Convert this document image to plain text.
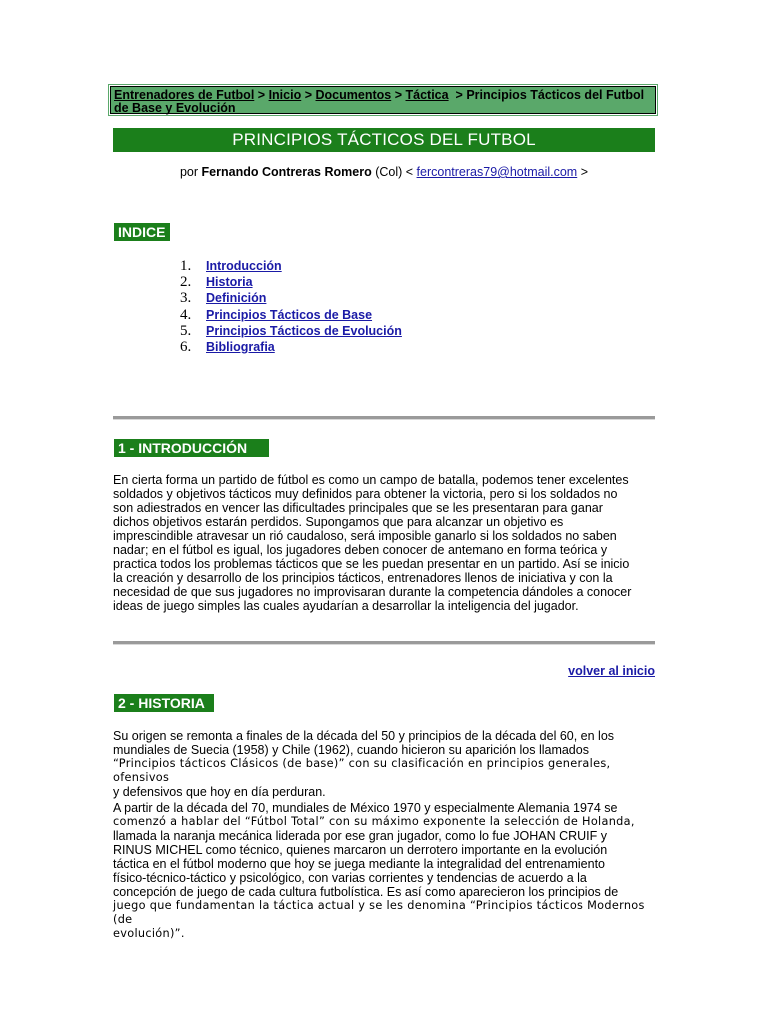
Entrenadores de Futbol > Inicio > Documentos > Táctica  > Principios Tácticos del Futbol de Base y Evolución
PRINCIPIOS TÁCTICOS DEL FUTBOL
por Fernando Contreras Romero (Col) < fercontreras79@hotmail.com >
INDICE
1. Introducción
2. Historia
3. Definición
4. Principios Tácticos de Base
5. Principios Tácticos de Evolución
6. Bibliografia
1 - INTRODUCCIÓN
En cierta forma un partido de fútbol es como un campo de batalla, podemos tener excelentes
soldados y objetivos tácticos muy definidos para obtener la victoria, pero si los soldados no
son adiestrados en vencer las dificultades principales que se les presentaran para ganar
dichos objetivos estarán perdidos. Supongamos que para alcanzar un objetivo es
imprescindible atravesar un rió caudaloso, será imposible ganarlo si los soldados no saben
nadar; en el fútbol es igual, los jugadores deben conocer de antemano en forma teórica y
practica todos los problemas tácticos que se les puedan presentar en un partido. Así se inicio
la creación y desarrollo de los principios tácticos, entrenadores llenos de iniciativa y con la
necesidad de que sus jugadores no improvisaran durante la competencia dándoles a conocer
ideas de juego simples las cuales ayudarían a desarrollar la inteligencia del jugador.
volver al inicio
2 - HISTORIA
Su origen se remonta a finales de la década del 50 y principios de la década del 60, en los
mundiales de Suecia (1958) y Chile (1962), cuando hicieron su aparición los llamados
“Principios tácticos Clásicos (de base)” con su clasificación en principios generales, ofensivos
y defensivos que hoy en día perduran.
A partir de la década del 70, mundiales de México 1970 y especialmente Alemania 1974 se
comenzó a hablar del “Fútbol Total” con su máximo exponente la selección de Holanda,
llamada la naranja mecánica liderada por ese gran jugador, como lo fue JOHAN CRUIF y
RINUS MICHEL como técnico, quienes marcaron un derrotero importante en la evolución
táctica en el fútbol moderno que hoy se juega mediante la integralidad del entrenamiento
físico-técnico-táctico y psicológico, con varias corrientes y tendencias de acuerdo a la
concepción de juego de cada cultura futbolística. Es así como aparecieron los principios de
juego que fundamentan la táctica actual y se les denomina “Principios tácticos Modernos (de
evolución)”.
